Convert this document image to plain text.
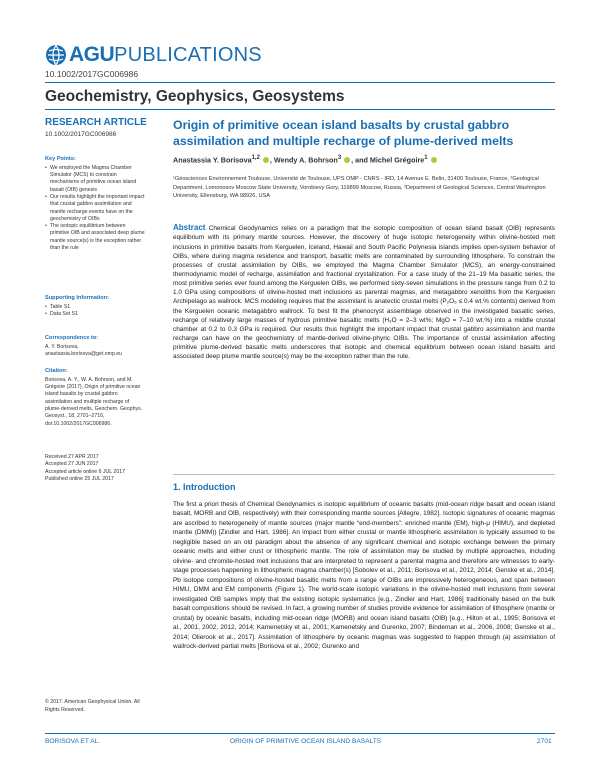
AGU PUBLICATIONS
10.1002/2017GC006986
Geochemistry, Geophysics, Geosystems
RESEARCH ARTICLE
10.1002/2017GC006986
Key Points:
• We employed the Magma Chamber Simulator (MCS) to constrain mechanisms of primitive ocean island basalt (OIB) genesis
• Our results highlight the important impact that crustal gabbro assimilation and mantle recharge events have on the geochemistry of OIBs
• The isotopic equilibrium between primitive OIB and associated deep plume mantle source(s) is the exception rather than the rule
Supporting Information:
• Table S1
• Data Set S1
Correspondence to:
A. Y. Borisova,
anastassia.borisova@get.omp.eu
Citation:
Borisova, A. Y., W. A. Bohrson, and M. Grégoire (2017), Origin of primitive ocean island basalts by crustal gabbro assimilation and multiple recharge of plume-derived melts, Geochem. Geophys. Geosyst., 18, 2701–2716, doi:10.1002/2017GC006986.
Received 27 APR 2017
Accepted 27 JUN 2017
Accepted article online 6 JUL 2017
Published online 25 JUL 2017
© 2017. American Geophysical Union. All Rights Reserved.
Origin of primitive ocean island basalts by crustal gabbro assimilation and multiple recharge of plume-derived melts
Anastassia Y. Borisova$^{1,2}$ , Wendy A. Bohrson$^3$ , and Michel Grégoire$^1$
¹Géosciences Environnement Toulouse, Université de Toulouse, UPS OMP - CNRS - IRD, 14 Avenue E. Belin, 31400 Toulouse, France, ²Geological Department, Lomonosov Moscow State University, Vorobievy Gory, 119899 Moscow, Russia, ³Department of Geological Sciences, Central Washington University, Ellensburg, WA 98926, USA
Abstract Chemical Geodynamics relies on a paradigm that the isotopic composition of ocean island basalt (OIB) represents equilibrium with its primary mantle sources. However, the discovery of huge isotopic heterogeneity within olivine-hosted melt inclusions in primitive basalts from Kerguelen, Iceland, Hawaii and South Pacific Polynesia islands implies open-system behavior of OIBs, where during magma residence and transport, basaltic melts are contaminated by surrounding lithosphere. To constrain the processes of crustal assimilation by OIBs, we employed the Magma Chamber Simulator (MCS), an energy-constrained thermodynamic model of recharge, assimilation and fractional crystallization. For a case study of the 21–19 Ma basaltic series, the most primitive series ever found among the Kerguelen OIBs, we performed sixty-seven simulations in the pressure range from 0.2 to 1.0 GPa using compositions of olivine-hosted melt inclusions as parental magmas, and metagabbro xenoliths from the Kerguelen Archipelago as wallrock. MCS modeling requires that the assimilant is anatectic crustal melts (P₂O₅ ≤ 0.4 wt.% contents) derived from the Kerguelen oceanic metagabbro wallrock. To best fit the phenocryst assemblage observed in the investigated basaltic series, recharge of relatively large masses of hydrous primitive basaltic melts (H₂O = 2–3 wt%; MgO = 7–10 wt.%) into a middle crustal chamber at 0.2 to 0.3 GPa is required. Our results thus highlight the important impact that crustal gabbro assimilation and mantle recharge can have on the geochemistry of mantle-derived olivine-phyric OIBs. The importance of crustal assimilation affecting primitive plume-derived basaltic melts underscores that isotopic and chemical equilibrium between ocean island basalts and associated deep plume mantle source(s) may be the exception rather than the rule.
1. Introduction
The first a priori thesis of Chemical Geodynamics is isotopic equilibrium of oceanic basalts (mid-ocean ridge basalt and ocean island basalt, MORB and OIB, respectively) with their corresponding mantle sources [Allegre, 1982]. Isotopic signatures of oceanic magmas are ascribed to heterogeneity of mantle sources (major mantle “end-members”: enriched mantle (EM), high-μ (HIMU), and depleted mantle (DMM)) [Zindler and Hart, 1986]. An impact from either crustal or mantle lithospheric assimilation is typically assumed to be negligible based on an old paradigm about the absence of any significant chemical and isotopic exchange between the primary oceanic melts and either crust or lithospheric mantle. The role of assimilation may be studied by multiple approaches, including olivine- and chromite-hosted melt inclusions that are interpreted to represent a parental magma and therefore are witnesses to early-stage processes happening in lithospheric magma chamber(s) [Sobolev et al., 2011; Borisova et al., 2012, 2014; Genske et al., 2014]. Pb isotope compositions of olivine-hosted basaltic melts from a range of OIBs are impressively heterogeneous, and span between HIMU, DMM and EM components (Figure 1). The world-scale isotopic variations in the olivine-hosted melt inclusions from several investigated OIB samples imply that the existing isotopic systematics [e.g., Zindler and Hart, 1986] traditionally based on the bulk basalt compositions should be revised. In fact, a growing number of studies provide evidence for assimilation of lithosphere (mantle or crustal) by oceanic basalts, including mid-ocean ridge (MORB) and ocean island basalts (OIB) [e.g., Hilton et al., 1995; Borisova et al., 2001, 2002, 2012, 2014; Kamenetsky et al., 2001; Kamenetsky and Gurenko, 2007; Bindeman et al., 2006, 2008; Genske et al., 2014; Olierook et al., 2017]. Assimilation of lithosphere by oceanic magmas was suggested to happen through (a) assimilation of wallrock-derived partial melts [Borisova et al., 2002; Gurenko and
BORISOVA ET AL.	ORIGIN OF PRIMITIVE OCEAN ISLAND BASALTS	2701
